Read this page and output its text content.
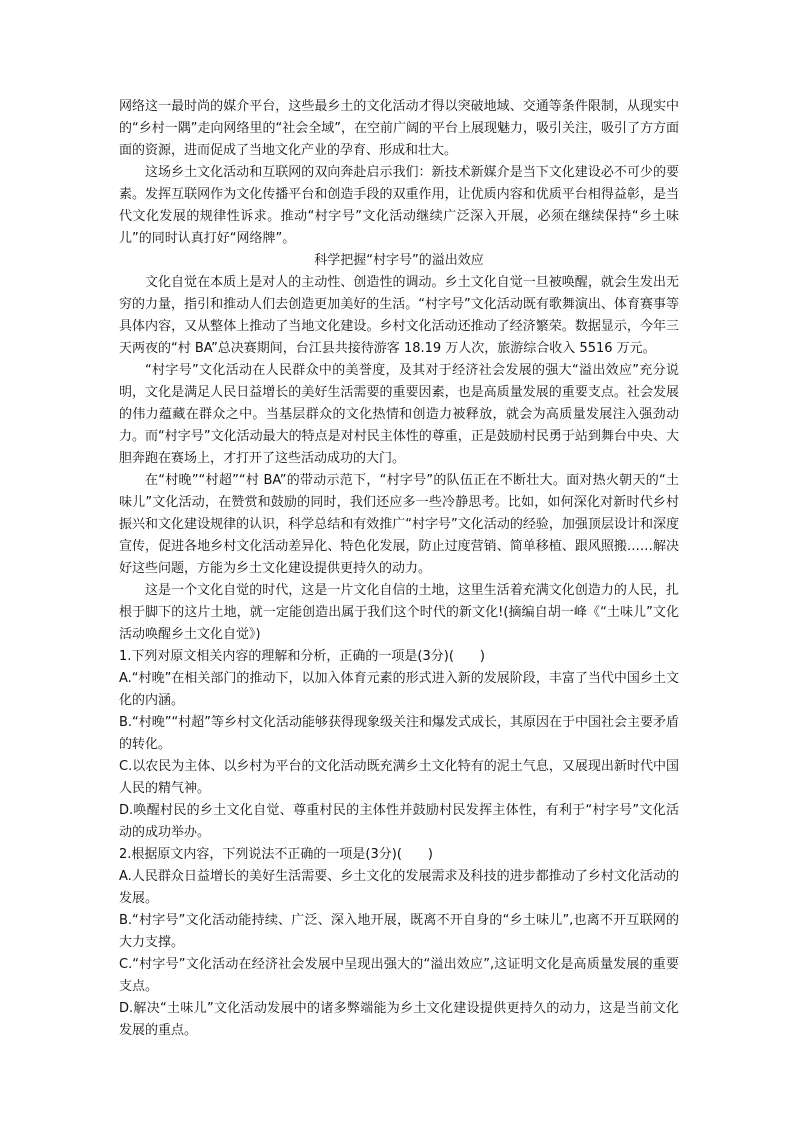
网络这一最时尚的媒介平台，这些最乡土的文化活动才得以突破地域、交通等条件限制，从现实中的“乡村一隅”走向网络里的“社会全域”，在空前广阔的平台上展现魅力，吸引关注，吸引了方方面面的资源，进而促成了当地文化产业的孕育、形成和壮大。

这场乡土文化活动和互联网的双向奔赴启示我们：新技术新媒介是当下文化建设必不可少的要素。发挥互联网作为文化传播平台和创造手段的双重作用，让优质内容和优质平台相得益彰，是当代文化发展的规律性诉求。推动“村字号”文化活动继续广泛深入开展，必须在继续保持“乡土味儿”的同时认真打好“网络牌”。

科学把握“村字号”的溢出效应

文化自觉在本质上是对人的主动性、创造性的调动。乡土文化自觉一旦被唤醒，就会生发出无穷的力量，指引和推动人们去创造更加美好的生活。“村字号”文化活动既有歌舞演出、体育赛事等具体内容，又从整体上推动了当地文化建设。乡村文化活动还推动了经济繁荣。数据显示，今年三天两夜的“村 BA”总决赛期间，台江县共接待游客 18.19 万人次，旅游综合收入 5516 万元。

“村字号”文化活动在人民群众中的美誉度，及其对于经济社会发展的强大“溢出效应”充分说明，文化是满足人民日益增长的美好生活需要的重要因素，也是高质量发展的重要支点。社会发展的伟力蕴藏在群众之中。当基层群众的文化热情和创造力被释放，就会为高质量发展注入强劲动力。而“村字号”文化活动最大的特点是对村民主体性的尊重，正是鼓励村民勇于站到舞台中央、大胆奔跑在赛场上，才打开了这些活动成功的大门。

在“村晚”“村超”“村 BA”的带动示范下，“村字号”的队伍正在不断壮大。面对热火朝天的“土味儿”文化活动，在赞赏和鼓励的同时，我们还应多一些冷静思考。比如，如何深化对新时代乡村振兴和文化建设规律的认识，科学总结和有效推广“村字号”文化活动的经验，加强顶层设计和深度宣传，促进各地乡村文化活动差异化、特色化发展，防止过度营销、简单移植、跟风照搬……解决好这些问题，方能为乡土文化建设提供更持久的动力。

这是一个文化自觉的时代，这是一片文化自信的土地，这里生活着充满文化创造力的人民，扎根于脚下的这片土地，就一定能创造出属于我们这个时代的新文化!(摘编自胡一峰《“土味儿”文化活动唤醒乡土文化自觉》)

1.下列对原文相关内容的理解和分析，正确的一项是(3分)(　　)

A.“村晚”在相关部门的推动下，以加入体育元素的形式进入新的发展阶段，丰富了当代中国乡土文化的内涵。

B.“村晚”“村超”等乡村文化活动能够获得现象级关注和爆发式成长，其原因在于中国社会主要矛盾的转化。

C.以农民为主体、以乡村为平台的文化活动既充满乡土文化特有的泥土气息，又展现出新时代中国人民的精气神。

D.唤醒村民的乡土文化自觉、尊重村民的主体性并鼓励村民发挥主体性，有利于“村字号”文化活动的成功举办。

2.根据原文内容，下列说法不正确的一项是(3分)(　　)

A.人民群众日益增长的美好生活需要、乡土文化的发展需求及科技的进步都推动了乡村文化活动的发展。

B.“村字号”文化活动能持续、广泛、深入地开展，既离不开自身的“乡土味儿”,也离不开互联网的大力支撑。

C.“村字号”文化活动在经济社会发展中呈现出强大的“溢出效应”,这证明文化是高质量发展的重要支点。

D.解决“土味儿”文化活动发展中的诸多弊端能为乡土文化建设提供更持久的动力，这是当前文化发展的重点。
